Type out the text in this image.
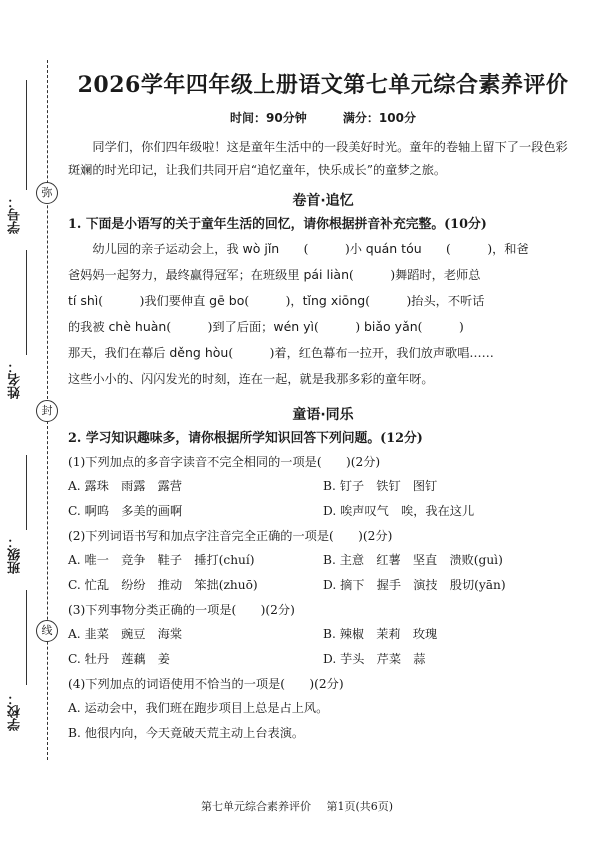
弥
封
线
学号：
姓名：
班级：
学校：
2026学年四年级上册语文第七单元综合素养评价
时间：90分钟	满分：100分
同学们，你们四年级啦！这是童年生活中的一段美好时光。童年的卷轴上留下了一段色彩斑斓的时光印记，让我们共同开启“追忆童年，快乐成长”的童梦之旅。
卷首·追忆
1. 下面是小语写的关于童年生活的回忆，请你根据拼音补充完整。(10分)
幼儿园的亲子运动会上，我 wò jǐn (　　　)小 quán tóu (　　　)，和爸
爸妈妈一起努力，最终赢得冠军；在班级里 pái liàn(　　　)舞蹈时，老师总
tí shì(　　　)我们要伸直 gē bo(　　　)，tǐng xiōng(　　　)抬头，不听话
的我被 chè huàn(　　　)到了后面；wén yì(　　　) biǎo yǎn(　　　)
那天，我们在幕后 děng hòu(　　　)着，红色幕布一拉开，我们放声歌唱……
这些小小的、闪闪发光的时刻，连在一起，就是我那多彩的童年呀。
童语·同乐
2. 学习知识趣味多，请你根据所学知识回答下列问题。(12分)
(1)下列加点的多音字读音不完全相同的一项是(　　)(2分)
A. 露珠　雨露　露营	B. 钉子　铁钉　图钉
C. 啊呜　多美的画啊	D. 唉声叹气　唉，我在这儿
(2)下列词语书写和加点字注音完全正确的一项是(　　)(2分)
A. 唯一　竞争　鞋子　捶打(chuí)	B. 主意　红薯　坚直　溃败(guì)
C. 忙乱　纷纷　推动　笨拙(zhuō)	D. 摘下　握手　演技　殷切(yān)
(3)下列事物分类正确的一项是(　　)(2分)
A. 韭菜　豌豆　海棠	B. 辣椒　茉莉　玫瑰
C. 牡丹　莲藕　姜	D. 芋头　芹菜　蒜
(4)下列加点的词语使用不恰当的一项是(　　)(2分)
A. 运动会中，我们班在跑步项目上总是占上风。
B. 他很内向，今天竟破天荒主动上台表演。
第七单元综合素养评价 第1页(共6页)
